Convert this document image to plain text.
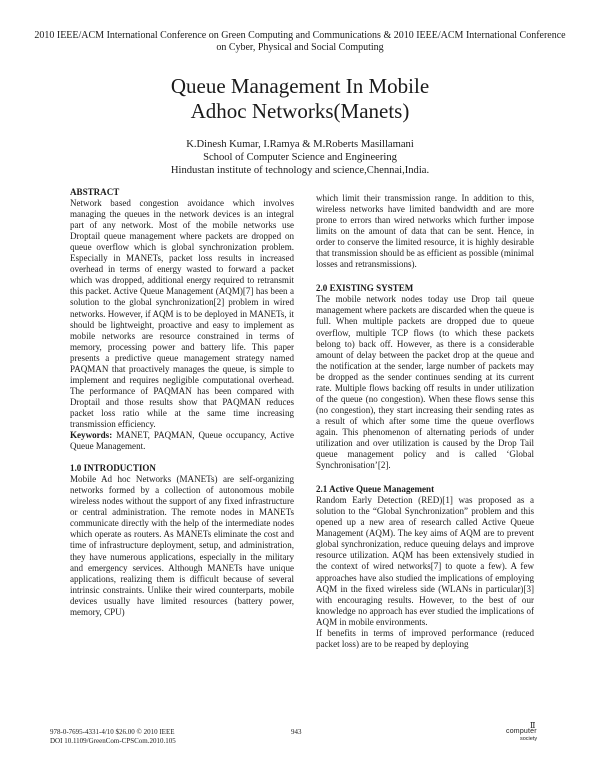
2010 IEEE/ACM International Conference on Green Computing and Communications & 2010 IEEE/ACM International Conference
on Cyber, Physical and Social Computing
Queue Management In Mobile
Adhoc Networks(Manets)
K.Dinesh Kumar, I.Ramya & M.Roberts Masillamani
School of Computer Science and Engineering
Hindustan institute of technology and science,Chennai,India.

ABSTRACT

Network based congestion avoidance which involves managing the queues in the network devices is an integral part of any network. Most of the mobile networks use Droptail queue management where packets are dropped on queue overflow which is global synchronization problem. Especially in MANETs, packet loss results in increased overhead in terms of energy wasted to forward a packet which was dropped, additional energy required to retransmit this packet. Active Queue Management (AQM)[7] has been a solution to the global synchronization[2] problem in wired networks. However, if AQM is to be deployed in MANETs, it should be lightweight, proactive and easy to implement as mobile networks are resource constrained in terms of memory, processing power and battery life. This paper presents a predictive queue management strategy named PAQMAN that proactively manages the queue, is simple to implement and requires negligible computational overhead. The performance of PAQMAN has been compared with Droptail and those results show that PAQMAN reduces packet loss ratio while at the same time increasing transmission efficiency.

Keywords: MANET, PAQMAN, Queue occupancy, Active Queue Management.

1.0 INTRODUCTION

Mobile Ad hoc Networks (MANETs) are self-organizing networks formed by a collection of autonomous mobile wireless nodes without the support of any fixed infrastructure or central administration. The remote nodes in MANETs communicate directly with the help of the intermediate nodes which operate as routers. As MANETs eliminate the cost and time of infrastructure deployment, setup, and administration, they have numerous applications, especially in the military and emergency services. Although MANETs have unique applications, realizing them is difficult because of several intrinsic constraints. Unlike their wired counterparts, mobile devices usually have limited resources (battery power, memory, CPU)

which limit their transmission range. In addition to this, wireless networks have limited bandwidth and are more prone to errors than wired networks which further impose limits on the amount of data that can be sent. Hence, in order to conserve the limited resource, it is highly desirable that transmission should be as efficient as possible (minimal losses and retransmissions).

2.0 EXISTING SYSTEM

The mobile network nodes today use Drop tail queue management where packets are discarded when the queue is full. When multiple packets are dropped due to queue overflow, multiple TCP flows (to which these packets belong to) back off. However, as there is a considerable amount of delay between the packet drop at the queue and the notification at the sender, large number of packets may be dropped as the sender continues sending at its current rate. Multiple flows backing off results in under utilization of the queue (no congestion). When these flows sense this (no congestion), they start increasing their sending rates as a result of which after some time the queue overflows again. This phenomenon of alternating periods of under utilization and over utilization is caused by the Drop Tail queue management policy and is called ‘Global Synchronisation’[2].

2.1 Active Queue Management

Random Early Detection (RED)[1] was proposed as a solution to the “Global Synchronization” problem and this opened up a new area of research called Active Queue Management (AQM). The key aims of AQM are to prevent global synchronization, reduce queuing delays and improve resource utilization. AQM has been extensively studied in the context of wired networks[7] to quote a few). A few approaches have also studied the implications of employing AQM in the fixed wireless side (WLANs in particular)[3] with encouraging results. However, to the best of our knowledge no approach has ever studied the implications of AQM in mobile environments.

If benefits in terms of improved performance (reduced packet loss) are to be reaped by deploying

978-0-7695-4331-4/10 $26.00 © 2010 IEEE
DOI 10.1109/GreenCom-CPSCom.2010.105
943
Ⅱ
computer
society
